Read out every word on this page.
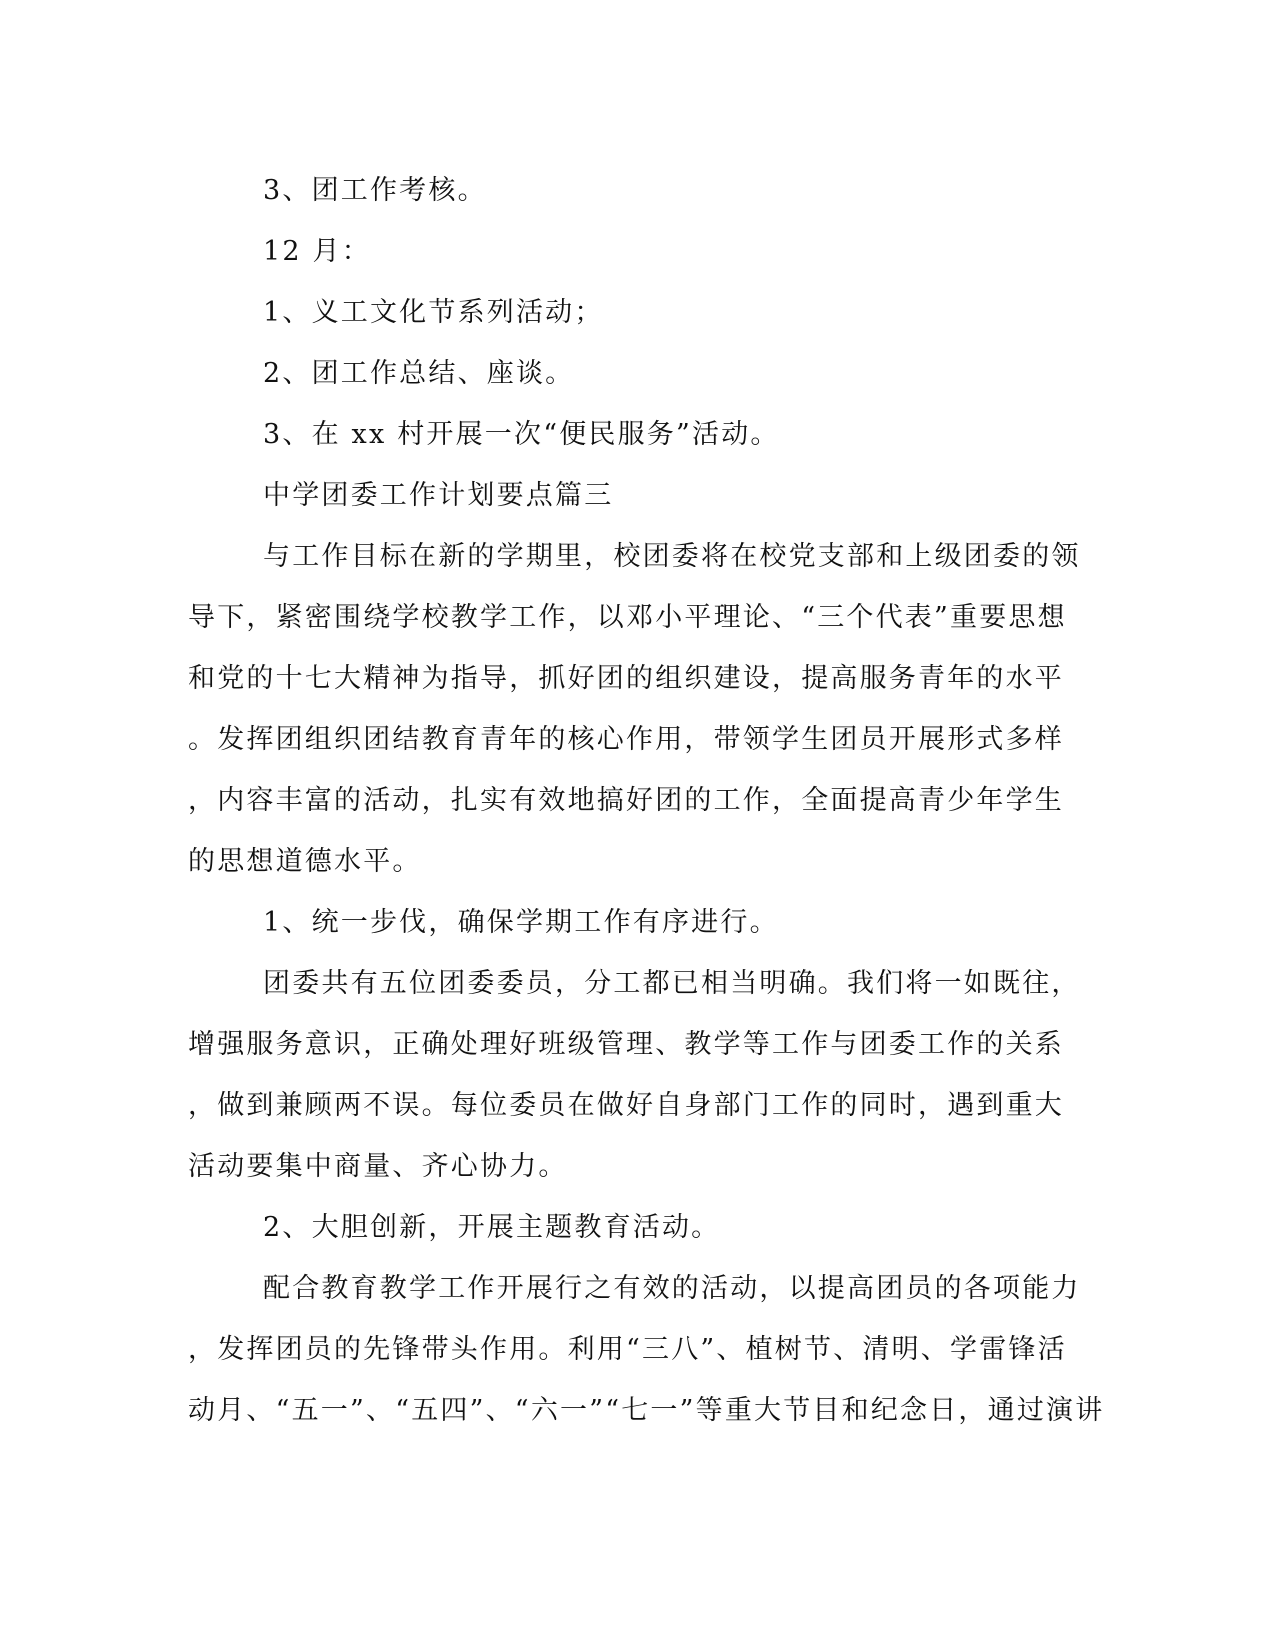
3、团工作考核。
12 月：
1、义工文化节系列活动；
2、团工作总结、座谈。
3、在 xx 村开展一次“便民服务”活动。
中学团委工作计划要点篇三
与工作目标在新的学期里，校团委将在校党支部和上级团委的领
导下，紧密围绕学校教学工作，以邓小平理论、“三个代表”重要思想
和党的十七大精神为指导，抓好团的组织建设，提高服务青年的水平
。发挥团组织团结教育青年的核心作用，带领学生团员开展形式多样
，内容丰富的活动，扎实有效地搞好团的工作，全面提高青少年学生
的思想道德水平。
1、统一步伐，确保学期工作有序进行。
团委共有五位团委委员，分工都已相当明确。我们将一如既往，
增强服务意识，正确处理好班级管理、教学等工作与团委工作的关系
，做到兼顾两不误。每位委员在做好自身部门工作的同时，遇到重大
活动要集中商量、齐心协力。
2、大胆创新，开展主题教育活动。
配合教育教学工作开展行之有效的活动，以提高团员的各项能力
，发挥团员的先锋带头作用。利用“三八”、植树节、清明、学雷锋活
动月、“五一”、“五四”、“六一”“七一”等重大节目和纪念日，通过演讲
